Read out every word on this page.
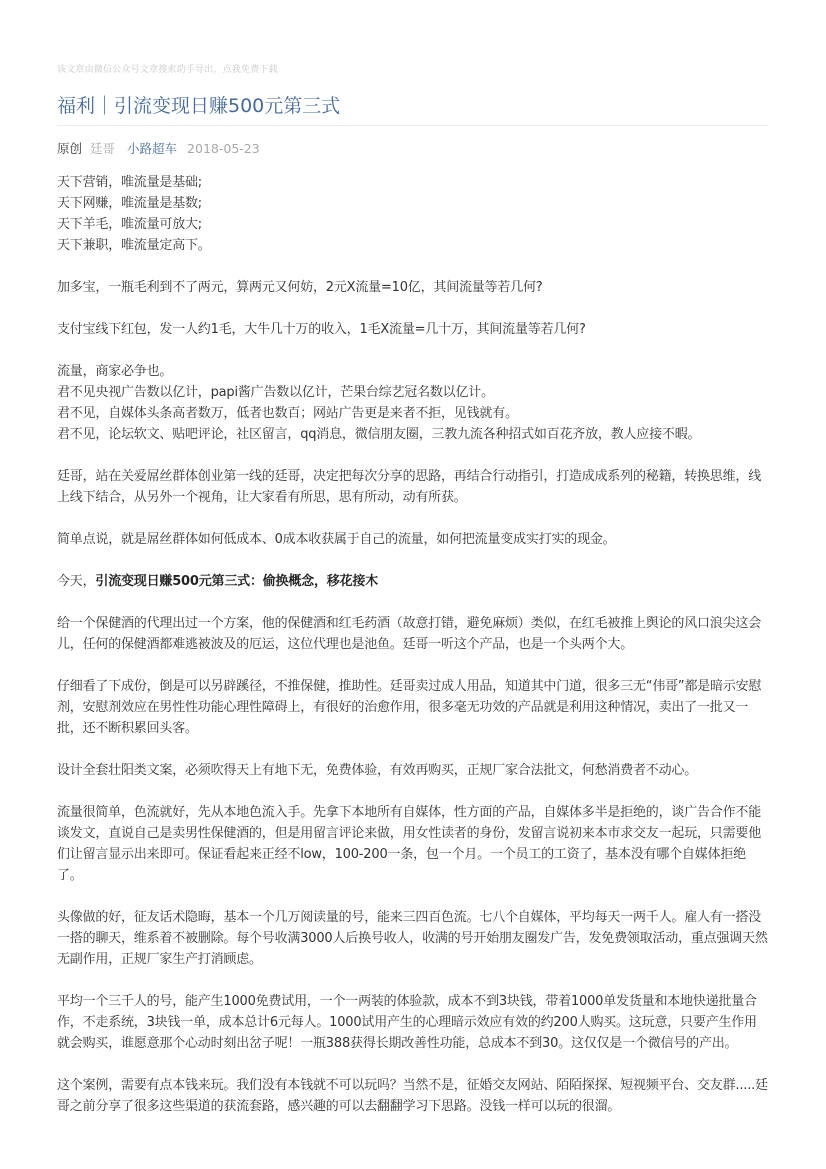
该文章由微信公众号文章搜索助手导出，点我免费下载
福利｜引流变现日赚500元第三式
原创 廷哥 小路超车 2018-05-23

天下营销，唯流量是基础;
天下网赚，唯流量是基数;
天下羊毛，唯流量可放大;
天下兼职，唯流量定高下。

加多宝，一瓶毛利到不了两元，算两元又何妨，2元X流量=10亿，其间流量等若几何?

支付宝线下红包，发一人约1毛，大牛几十万的收入，1毛X流量=几十万，其间流量等若几何?

流量，商家必争也。
君不见央视广告数以亿计，papi酱广告数以亿计，芒果台综艺冠名数以亿计。
君不见，自媒体头条高者数万，低者也数百；网站广告更是来者不拒，见钱就有。
君不见，论坛软文、贴吧评论，社区留言，qq消息，微信朋友圈，三教九流各种招式如百花齐放，教人应接不暇。

廷哥，站在关爱屌丝群体创业第一线的廷哥，决定把每次分享的思路，再结合行动指引，打造成成系列的秘籍，转换思维，线上线下结合，从另外一个视角，让大家看有所思，思有所动，动有所获。

简单点说，就是屌丝群体如何低成本、0成本收获属于自己的流量，如何把流量变成实打实的现金。

今天，引流变现日赚500元第三式：偷换概念，移花接木

给一个保健酒的代理出过一个方案，他的保健酒和红毛药酒（故意打错，避免麻烦）类似，在红毛被推上舆论的风口浪尖这会儿，任何的保健酒都难逃被波及的厄运，这位代理也是池鱼。廷哥一听这个产品，也是一个头两个大。

仔细看了下成份，倒是可以另辟蹊径，不推保健，推助性。廷哥卖过成人用品，知道其中门道，很多三无“伟哥”都是暗示安慰剂，安慰剂效应在男性性功能心理性障碍上，有很好的治愈作用，很多毫无功效的产品就是利用这种情况，卖出了一批又一批，还不断积累回头客。

设计全套壮阳类文案，必须吹得天上有地下无，免费体验，有效再购买，正规厂家合法批文，何愁消费者不动心。

流量很简单，色流就好，先从本地色流入手。先拿下本地所有自媒体，性方面的产品，自媒体多半是拒绝的，谈广告合作不能谈发文，直说自己是卖男性保健酒的，但是用留言评论来做，用女性读者的身份，发留言说初来本市求交友一起玩，只需要他们让留言显示出来即可。保证看起来正经不low，100-200一条，包一个月。一个员工的工资了，基本没有哪个自媒体拒绝了。

头像做的好，征友话术隐晦，基本一个几万阅读量的号，能来三四百色流。七八个自媒体，平均每天一两千人。雇人有一搭没一搭的聊天，维系着不被删除。每个号收满3000人后换号收人，收满的号开始朋友圈发广告，发免费领取活动，重点强调天然无副作用，正规厂家生产打消顾虑。

平均一个三千人的号，能产生1000免费试用，一个一两装的体验款，成本不到3块钱，带着1000单发货量和本地快递批量合作，不走系统，3块钱一单，成本总计6元每人。1000试用产生的心理暗示效应有效的约200人购买。这玩意，只要产生作用就会购买，谁愿意那个心动时刻出岔子呢！一瓶388获得长期改善性功能，总成本不到30。这仅仅是一个微信号的产出。

这个案例，需要有点本钱来玩。我们没有本钱就不可以玩吗？当然不是，征婚交友网站、陌陌探探、短视频平台、交友群.....廷哥之前分享了很多这些渠道的获流套路，感兴趣的可以去翻翻学习下思路。没钱一样可以玩的很溜。
